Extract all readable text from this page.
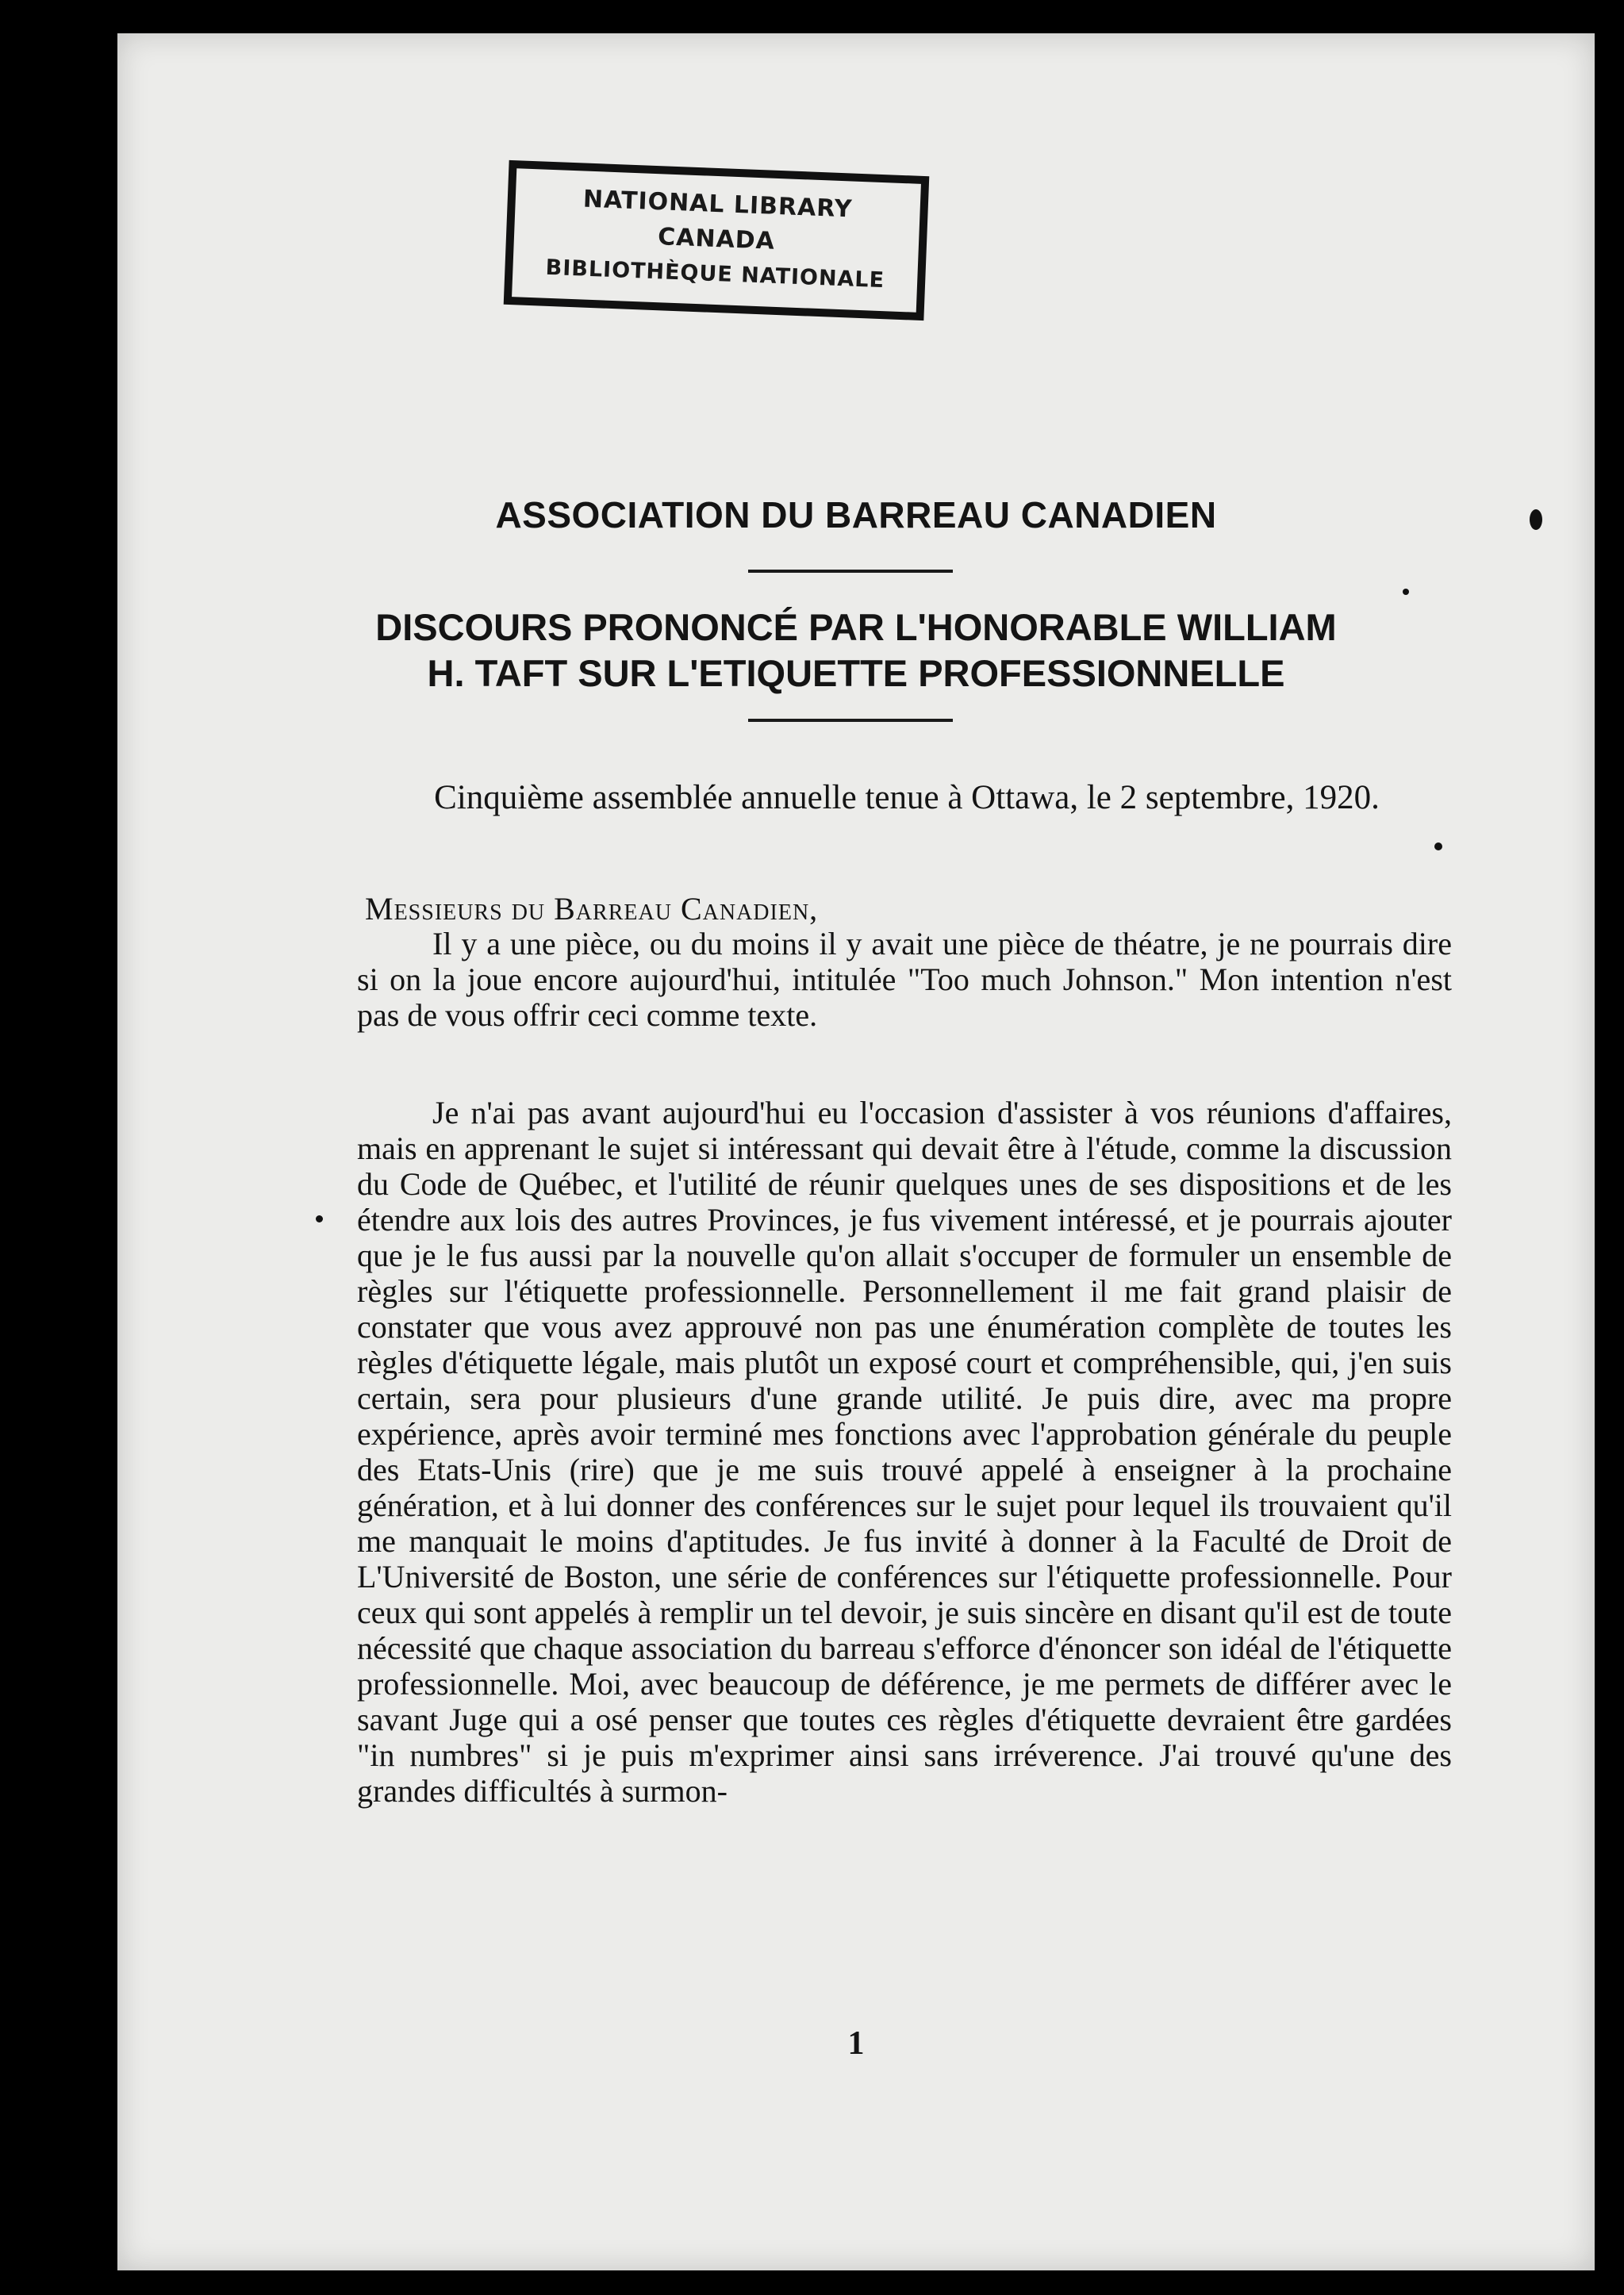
NATIONAL LIBRARY
CANADA
BIBLIOTHÈQUE NATIONALE
ASSOCIATION DU BARREAU CANADIEN
DISCOURS PRONONCÉ PAR L'HONORABLE WILLIAM
H. TAFT SUR L'ETIQUETTE PROFESSIONNELLE
Cinquième assemblée annuelle tenue à Ottawa, le 2 septembre, 1920.
Messieurs du Barreau Canadien,

Il y a une pièce, ou du moins il y avait une pièce de théatre, je ne pourrais dire si on la joue encore aujourd'hui, intitulée "Too much Johnson." Mon intention n'est pas de vous offrir ceci comme texte.

Je n'ai pas avant aujourd'hui eu l'occasion d'assister à vos réunions d'affaires, mais en apprenant le sujet si intéressant qui devait être à l'étude, comme la discussion du Code de Québec, et l'utilité de réunir quelques unes de ses dispositions et de les étendre aux lois des autres Provinces, je fus vivement intéressé, et je pourrais ajouter que je le fus aussi par la nouvelle qu'on allait s'occuper de formuler un ensemble de règles sur l'étiquette professionnelle. Personnellement il me fait grand plaisir de constater que vous avez approuvé non pas une énumération complète de toutes les règles d'étiquette légale, mais plutôt un exposé court et compréhensible, qui, j'en suis certain, sera pour plusieurs d'une grande utilité. Je puis dire, avec ma propre expérience, après avoir terminé mes fonctions avec l'approbation générale du peuple des Etats-Unis (rire) que je me suis trouvé appelé à enseigner à la prochaine génération, et à lui donner des conférences sur le sujet pour lequel ils trouvaient qu'il me manquait le moins d'aptitudes. Je fus invité à donner à la Faculté de Droit de L'Université de Boston, une série de conférences sur l'étiquette professionnelle. Pour ceux qui sont appelés à remplir un tel devoir, je suis sincère en disant qu'il est de toute nécessité que chaque association du barreau s'efforce d'énoncer son idéal de l'étiquette professionnelle. Moi, avec beaucoup de déférence, je me permets de différer avec le savant Juge qui a osé penser que toutes ces règles d'étiquette devraient être gardées "in numbres" si je puis m'exprimer ainsi sans irréverence. J'ai trouvé qu'une des grandes difficultés à surmon-

1
